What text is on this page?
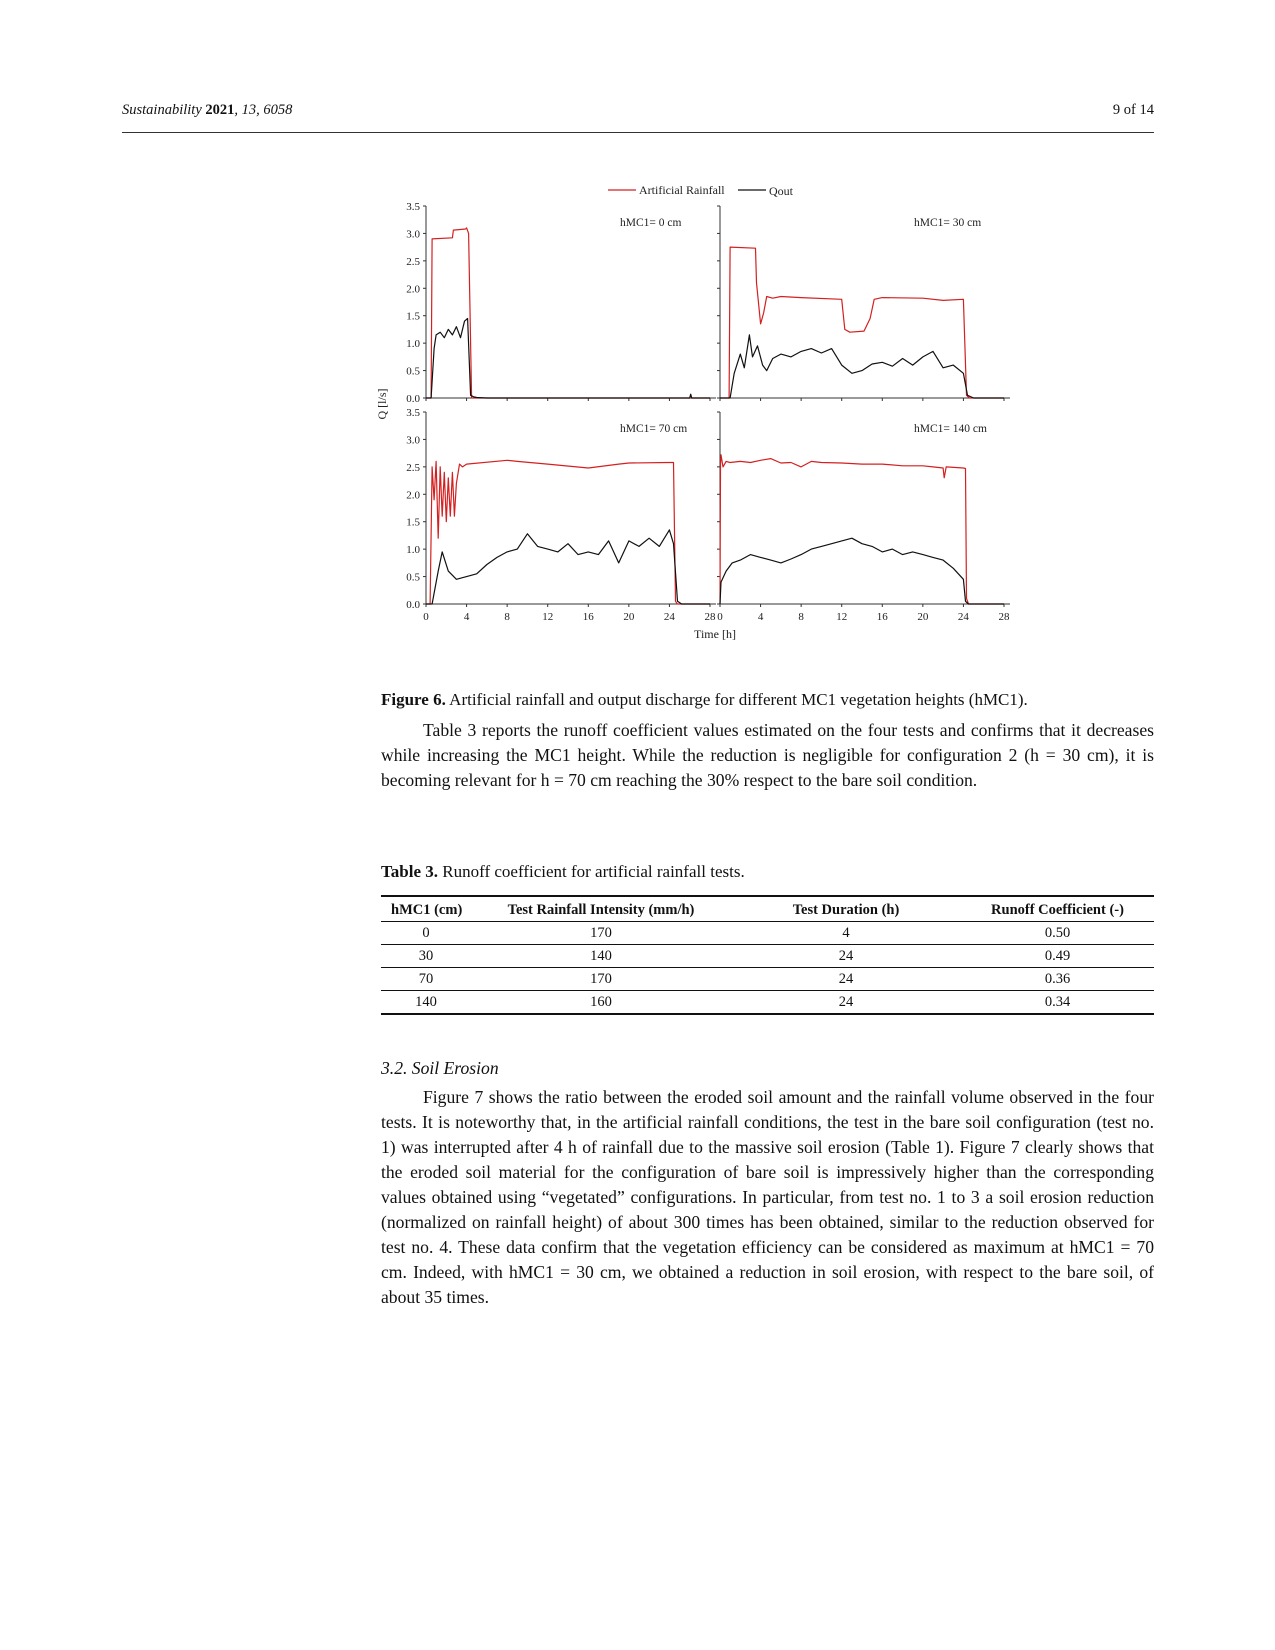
Sustainability 2021, 13, 6058	9 of 14
Artificial Rainfall	Qout
Q [l/s]
Time [h]
0.0
0.5
1.0
1.5
2.0
2.5
3.0
3.5
hMC1= 0 cm	hMC1= 30 cm
0.0
0.5
1.0
1.5
2.0
2.5
3.0
3.5
0	4	8	12	16	20	24	28
hMC1= 70 cm
0	4	8	12	16	20	24	28
hMC1= 140 cm
Figure 6. Artificial rainfall and output discharge for different MC1 vegetation heights (hMC1).

Table 3 reports the runoff coefficient values estimated on the four tests and confirms that it decreases while increasing the MC1 height. While the reduction is negligible for configuration 2 (h = 30 cm), it is becoming relevant for h = 70 cm reaching the 30% respect to the bare soil condition.

Table 3. Runoff coefficient for artificial rainfall tests.
hMC1 (cm)	Test Rainfall Intensity (mm/h)	Test Duration (h)	Runoff Coefficient (-)
0	170	4	0.50
30	140	24	0.49
70	170	24	0.36
140	160	24	0.34
3.2. Soil Erosion

Figure 7 shows the ratio between the eroded soil amount and the rainfall volume observed in the four tests. It is noteworthy that, in the artificial rainfall conditions, the test in the bare soil configuration (test no. 1) was interrupted after 4 h of rainfall due to the massive soil erosion (Table 1). Figure 7 clearly shows that the eroded soil material for the configuration of bare soil is impressively higher than the corresponding values obtained using “vegetated” configurations. In particular, from test no. 1 to 3 a soil erosion reduction (normalized on rainfall height) of about 300 times has been obtained, similar to the reduction observed for test no. 4. These data confirm that the vegetation efficiency can be considered as maximum at hMC1 = 70 cm. Indeed, with hMC1 = 30 cm, we obtained a reduction in soil erosion, with respect to the bare soil, of about 35 times.
